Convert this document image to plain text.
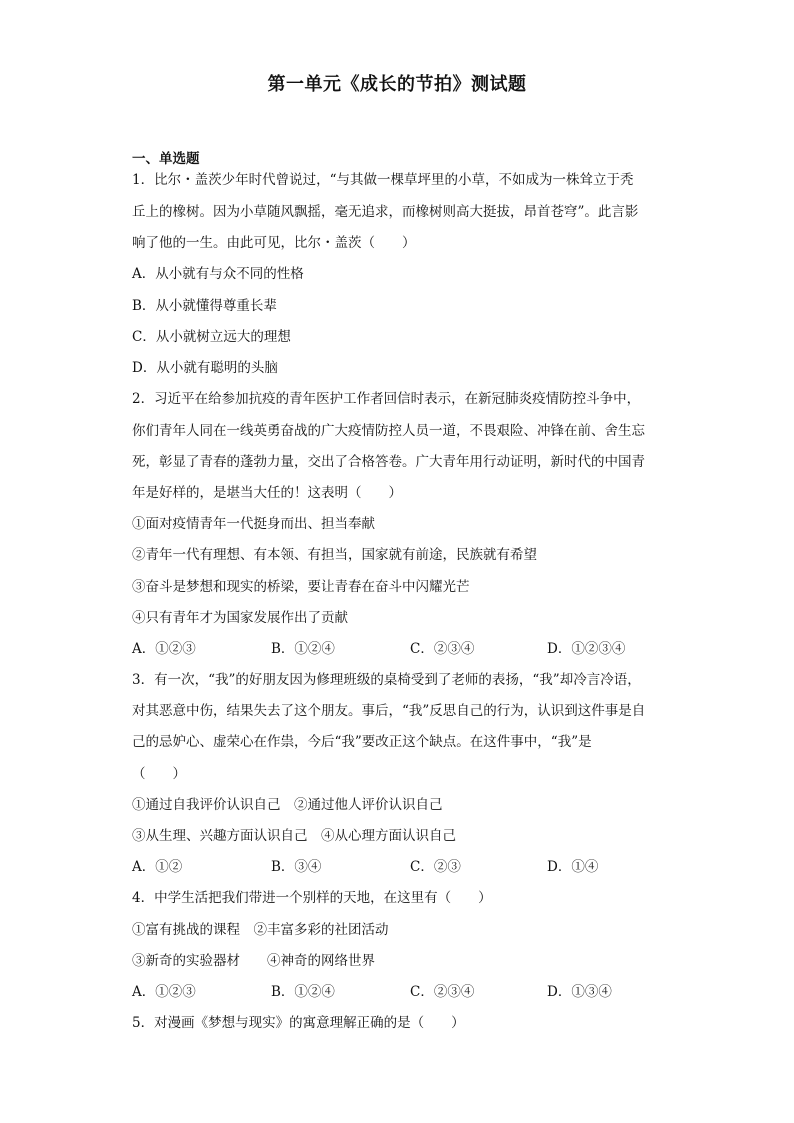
第一单元《成长的节拍》测试题
一、单选题
1．比尔・盖茨少年时代曾说过，“与其做一棵草坪里的小草，不如成为一株耸立于秃
丘上的橡树。因为小草随风飘摇，毫无追求，而橡树则高大挺拔，昂首苍穹”。此言影
响了他的一生。由此可见，比尔・盖茨（　　）
A．从小就有与众不同的性格
B．从小就懂得尊重长辈
C．从小就树立远大的理想
D．从小就有聪明的头脑
2．习近平在给参加抗疫的青年医护工作者回信时表示，在新冠肺炎疫情防控斗争中，
你们青年人同在一线英勇奋战的广大疫情防控人员一道，不畏艰险、冲锋在前、舍生忘
死，彰显了青春的蓬勃力量，交出了合格答卷。广大青年用行动证明，新时代的中国青
年是好样的，是堪当大任的！这表明（　　）
①面对疫情青年一代挺身而出、担当奉献
②青年一代有理想、有本领、有担当，国家就有前途，民族就有希望
③奋斗是梦想和现实的桥梁，要让青春在奋斗中闪耀光芒
④只有青年才为国家发展作出了贡献
A．①②③	B．①②④	C．②③④	D．①②③④
3．有一次，“我”的好朋友因为修理班级的桌椅受到了老师的表扬，“我”却冷言冷语，
对其恶意中伤，结果失去了这个朋友。事后，“我”反思自己的行为，认识到这件事是自
己的忌妒心、虚荣心在作祟，今后“我”要改正这个缺点。在这件事中，“我”是
（　　）
①通过自我评价认识自己　②通过他人评价认识自己
③从生理、兴趣方面认识自己　④从心理方面认识自己
A．①②	B．③④	C．②③	D．①④
4．中学生活把我们带进一个别样的天地，在这里有（　　）
①富有挑战的课程　②丰富多彩的社团活动
③新奇的实验器材　　④神奇的网络世界
A．①②③	B．①②④	C．②③④	D．①③④
5．对漫画《梦想与现实》的寓意理解正确的是（　　）
